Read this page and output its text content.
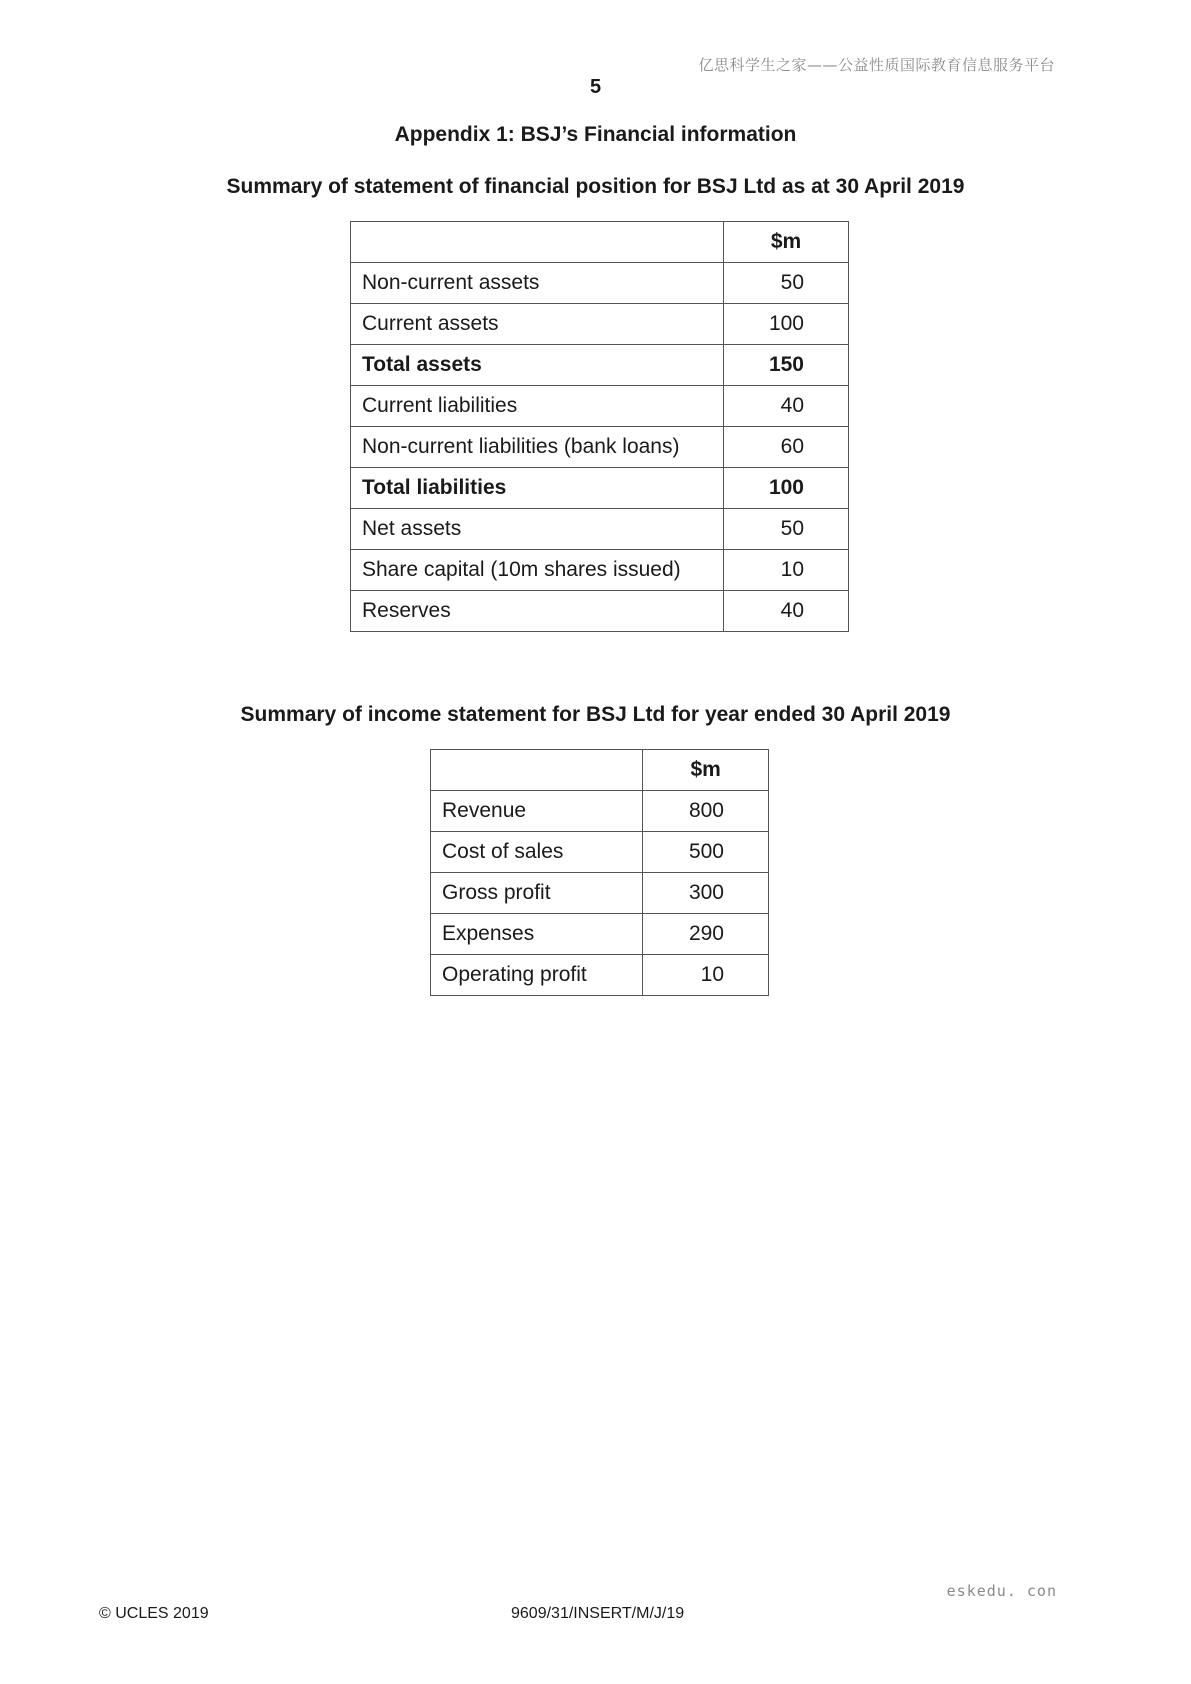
亿思科学生之家——公益性质国际教育信息服务平台
5
Appendix 1: BSJ’s Financial information
Summary of statement of financial position for BSJ Ltd as at 30 April 2019
	$m
Non-current assets	50
Current assets	100
Total assets	150
Current liabilities	40
Non-current liabilities (bank loans)	60
Total liabilities	100
Net assets	50
Share capital (10m shares issued)	10
Reserves	40
Summary of income statement for BSJ Ltd for year ended 30 April 2019
	$m
Revenue	800
Cost of sales	500
Gross profit	300
Expenses	290
Operating profit	10
eskedu. con
© UCLES 2019	9609/31/INSERT/M/J/19
